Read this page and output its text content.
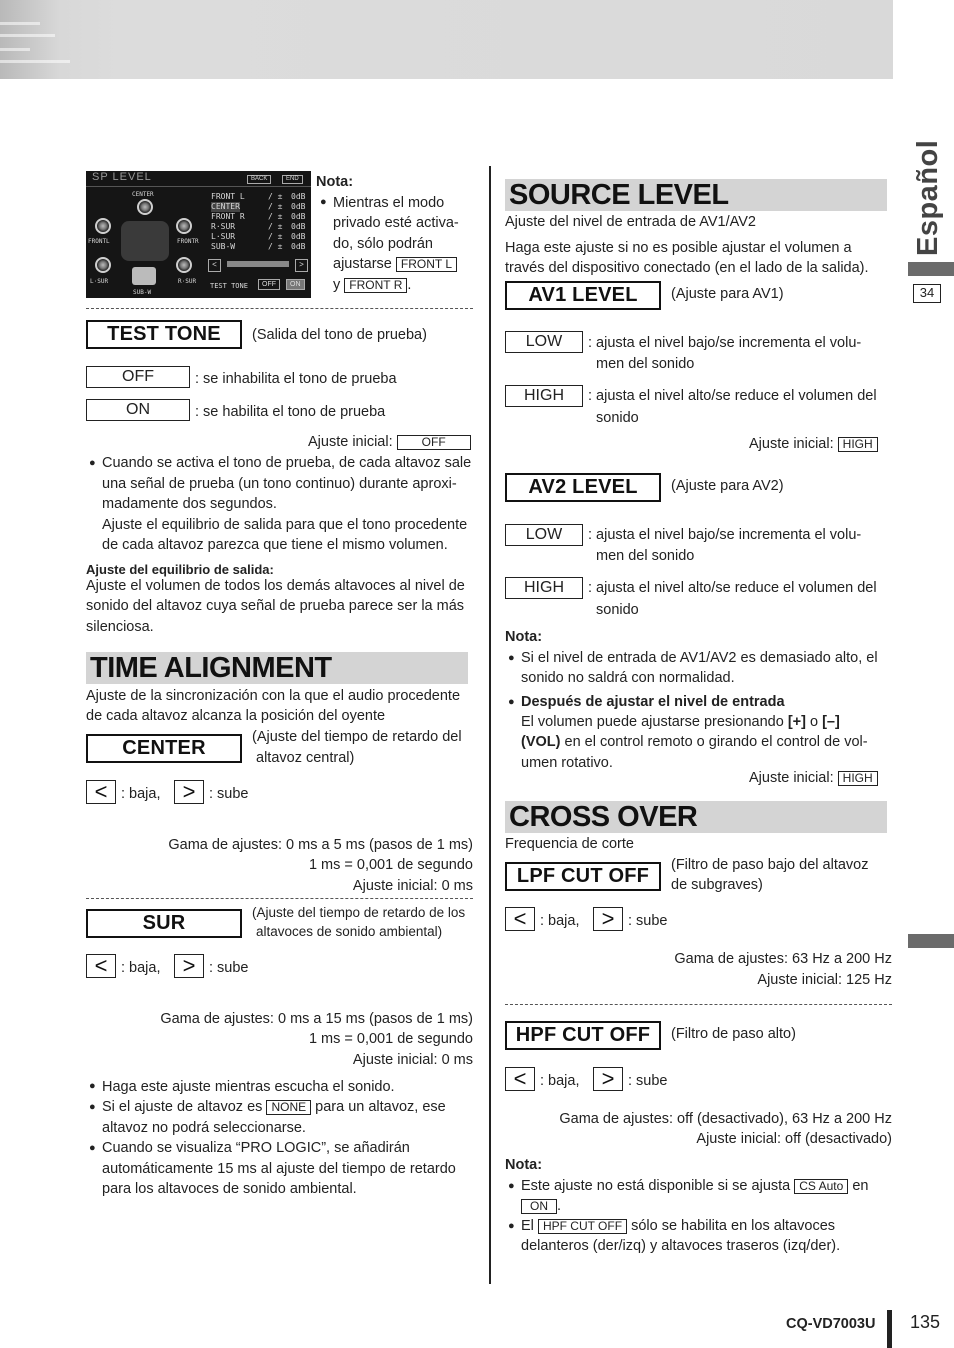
Español
34
SP LEVEL	BACK	END
CENTER
FRONTL	FRONTR
L·SUR	R·SUR
SUB-W
FRONT L	/ ± 0dB
CENTER	/ ± 0dB
FRONT R	/ ± 0dB
R·SUR	/ ± 0dB
L·SUR	/ ± 0dB
SUB-W	/ ± 0dB
<	>
TEST TONE	OFF	ON
Nota:
● Mientras el modo
privado esté activa-
do, sólo podrán
ajustarse FRONT L
y FRONT R .
TEST TONE	(Salida del tono de prueba)
OFF	: se inhabilita el tono de prueba
ON	: se habilita el tono de prueba
Ajuste inicial: OFF
● Cuando se activa el tono de prueba, de cada altavoz sale
una señal de prueba (un tono continuo) durante aproxi-
madamente dos segundos.
Ajuste el equilibrio de salida para que el tono procedente
de cada altavoz parezca que tiene el mismo volumen.
Ajuste del equilibrio de salida:
Ajuste el volumen de todos los demás altavoces al nivel de
sonido del altavoz cuya señal de prueba parece ser la más
silenciosa.
TIME ALIGNMENT
Ajuste de la sincronización con la que el audio procedente
de cada altavoz alcanza la posición del oyente
CENTER	(Ajuste del tiempo de retardo del
altavoz central)
< : baja,	> : sube
Gama de ajustes: 0 ms a 5 ms (pasos de 1 ms)
1 ms = 0,001 de segundo
Ajuste inicial: 0 ms
SUR	(Ajuste del tiempo de retardo de los
altavoces de sonido ambiental)
< : baja,	> : sube
Gama de ajustes: 0 ms a 15 ms (pasos de 1 ms)
1 ms = 0,001 de segundo
Ajuste inicial: 0 ms
● Haga este ajuste mientras escucha el sonido.
● Si el ajuste de altavoz es NONE para un altavoz, ese
altavoz no podrá seleccionarse.
● Cuando se visualiza “PRO LOGIC”, se añadirán
automáticamente 15 ms al ajuste del tiempo de retardo
para los altavoces de sonido ambiental.
SOURCE LEVEL
Ajuste del nivel de entrada de AV1/AV2
Haga este ajuste si no es posible ajustar el volumen a
través del dispositivo conectado (en el lado de la salida).
AV1 LEVEL	(Ajuste para AV1)
LOW	: ajusta el nivel bajo/se incrementa el volu-
men del sonido
HIGH	: ajusta el nivel alto/se reduce el volumen del
sonido
Ajuste inicial: HIGH
AV2 LEVEL	(Ajuste para AV2)
LOW	: ajusta el nivel bajo/se incrementa el volu-
men del sonido
HIGH	: ajusta el nivel alto/se reduce el volumen del
sonido
Nota:
● Si el nivel de entrada de AV1/AV2 es demasiado alto, el
sonido no saldrá con normalidad.
● Después de ajustar el nivel de entrada
El volumen puede ajustarse presionando [+] o [–]
(VOL) en el control remoto o girando el control de vol-
umen rotativo.
Ajuste inicial: HIGH
CROSS OVER
Frequencia de corte
LPF CUT OFF	(Filtro de paso bajo del altavoz
de subgraves)
< : baja,	> : sube
Gama de ajustes: 63 Hz a 200 Hz
Ajuste inicial: 125 Hz
HPF CUT OFF	(Filtro de paso alto)
< : baja,	> : sube
Gama de ajustes: off (desactivado), 63 Hz a 200 Hz
Ajuste inicial: off (desactivado)
Nota:
● Este ajuste no está disponible si se ajusta CS Auto en
ON .
● El HPF CUT OFF sólo se habilita en los altavoces
delanteros (der/izq) y altavoces traseros (izq/der).
CQ-VD7003U 135
